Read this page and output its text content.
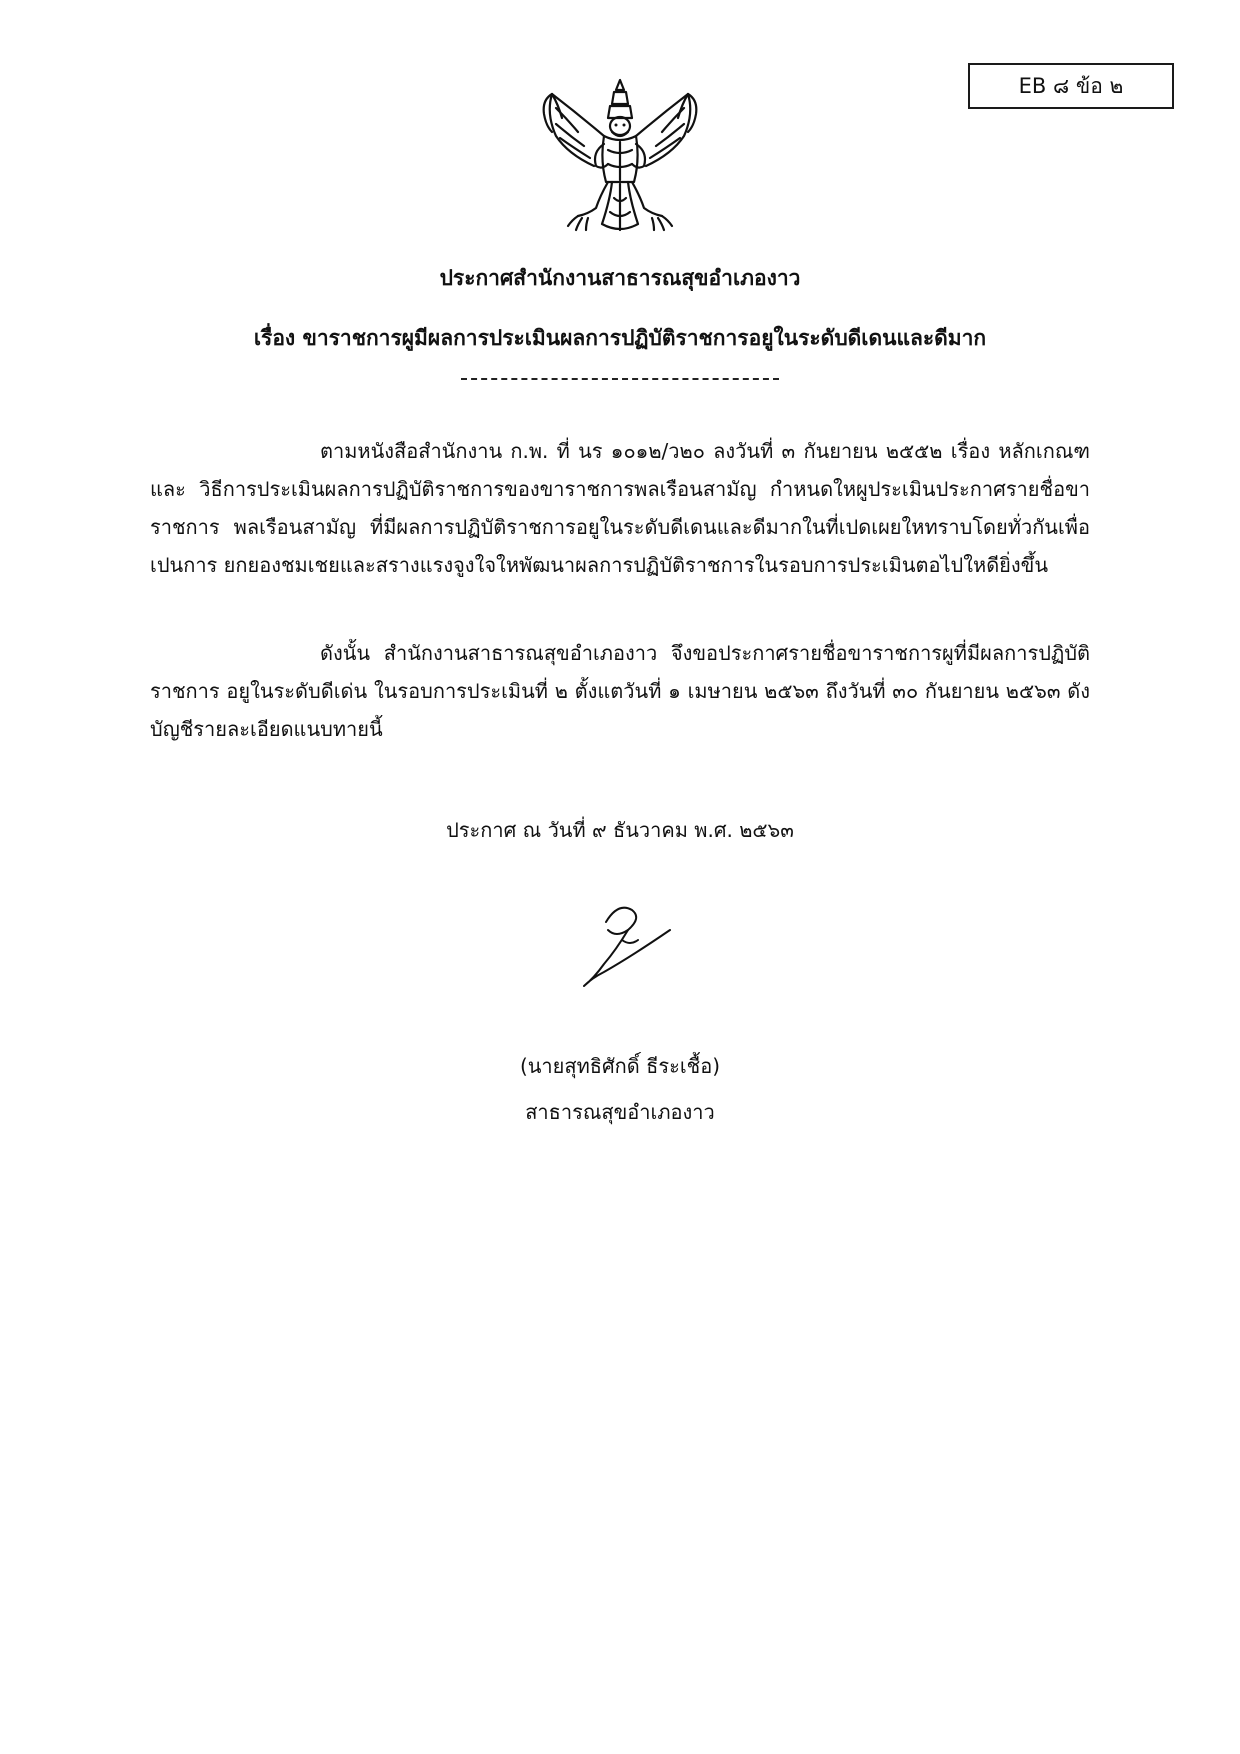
EB ๘ ข้อ ๒
ประกาศสำนักงานสาธารณสุขอำเภองาว
เรื่อง ขาราชการผูมีผลการประเมินผลการปฏิบัติราชการอยูในระดับดีเดนและดีมาก

ตามหนังสือสำนักงาน ก.พ. ที่ นร ๑๐๑๒/ว๒๐ ลงวันที่ ๓ กันยายน ๒๕๕๒ เรื่อง หลักเกณฑและ วิธีการประเมินผลการปฏิบัติราชการของขาราชการพลเรือนสามัญ กำหนดใหผูประเมินประกาศรายชื่อขาราชการ พลเรือนสามัญ ที่มีผลการปฏิบัติราชการอยูในระดับดีเดนและดีมากในที่เปดเผยใหทราบโดยทั่วกันเพื่อเปนการ ยกยองชมเชยและสรางแรงจูงใจใหพัฒนาผลการปฏิบัติราชการในรอบการประเมินตอไปใหดียิ่งขึ้น

ดังนั้น สำนักงานสาธารณสุขอำเภองาว จึงขอประกาศรายชื่อขาราชการผูที่มีผลการปฏิบัติ ราชการ อยูในระดับดีเด่น ในรอบการประเมินที่ ๒ ตั้งแตวันที่ ๑ เมษายน ๒๕๖๓ ถึงวันที่ ๓๐ กันยายน ๒๕๖๓ ดังบัญชีรายละเอียดแนบทายนี้

ประกาศ ณ วันที่ ๙ ธันวาคม พ.ศ. ๒๕๖๓
(นายสุทธิศักดิ์ ธีระเชื้อ)
สาธารณสุขอำเภองาว
